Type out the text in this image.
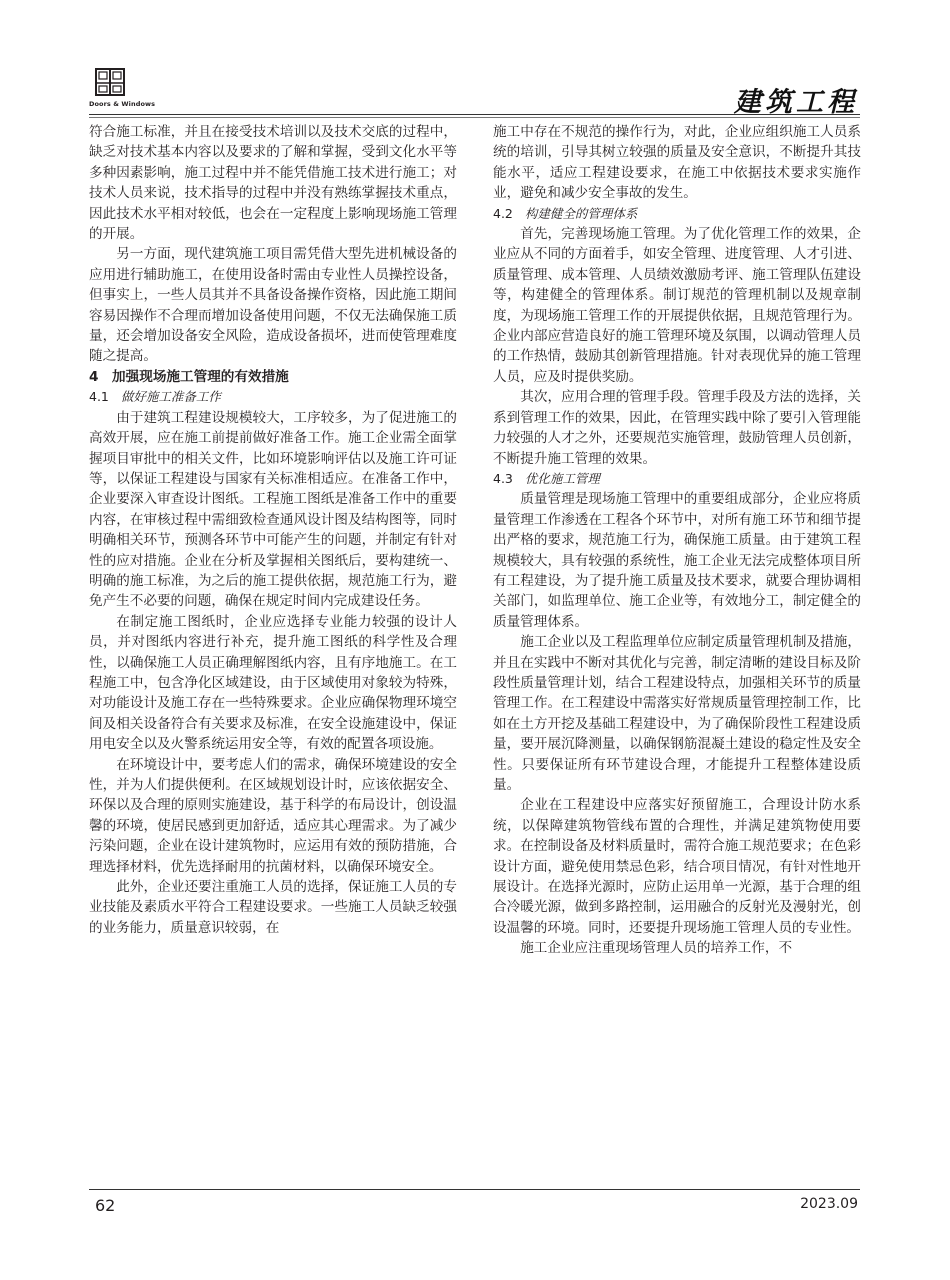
Doors & Windows	建筑工程

符合施工标准，并且在接受技术培训以及技术交底的过程中，缺乏对技术基本内容以及要求的了解和掌握，受到文化水平等多种因素影响，施工过程中并不能凭借施工技术进行施工；对技术人员来说，技术指导的过程中并没有熟练掌握技术重点，因此技术水平相对较低，也会在一定程度上影响现场施工管理的开展。

另一方面，现代建筑施工项目需凭借大型先进机械设备的应用进行辅助施工，在使用设备时需由专业性人员操控设备，但事实上，一些人员其并不具备设备操作资格，因此施工期间容易因操作不合理而增加设备使用问题，不仅无法确保施工质量，还会增加设备安全风险，造成设备损坏，进而使管理难度随之提高。

4　加强现场施工管理的有效措施
4.1 做好施工准备工作

由于建筑工程建设规模较大，工序较多，为了促进施工的高效开展，应在施工前提前做好准备工作。施工企业需全面掌握项目审批中的相关文件，比如环境影响评估以及施工许可证等，以保证工程建设与国家有关标准相适应。在准备工作中，企业要深入审查设计图纸。工程施工图纸是准备工作中的重要内容，在审核过程中需细致检查通风设计图及结构图等，同时明确相关环节，预测各环节中可能产生的问题，并制定有针对性的应对措施。企业在分析及掌握相关图纸后，要构建统一、明确的施工标准，为之后的施工提供依据，规范施工行为，避免产生不必要的问题，确保在规定时间内完成建设任务。

在制定施工图纸时，企业应选择专业能力较强的设计人员，并对图纸内容进行补充，提升施工图纸的科学性及合理性，以确保施工人员正确理解图纸内容，且有序地施工。在工程施工中，包含净化区域建设，由于区域使用对象较为特殊，对功能设计及施工存在一些特殊要求。企业应确保物理环境空间及相关设备符合有关要求及标准，在安全设施建设中，保证用电安全以及火警系统运用安全等，有效的配置各项设施。

在环境设计中，要考虑人们的需求，确保环境建设的安全性，并为人们提供便利。在区域规划设计时，应该依据安全、环保以及合理的原则实施建设，基于科学的布局设计，创设温馨的环境，使居民感到更加舒适，适应其心理需求。为了减少污染问题，企业在设计建筑物时，应运用有效的预防措施，合理选择材料，优先选择耐用的抗菌材料，以确保环境安全。

此外，企业还要注重施工人员的选择，保证施工人员的专业技能及素质水平符合工程建设要求。一些施工人员缺乏较强的业务能力，质量意识较弱，在

施工中存在不规范的操作行为，对此，企业应组织施工人员系统的培训，引导其树立较强的质量及安全意识，不断提升其技能水平，适应工程建设要求，在施工中依据技术要求实施作业，避免和减少安全事故的发生。

4.2 构建健全的管理体系

首先，完善现场施工管理。为了优化管理工作的效果，企业应从不同的方面着手，如安全管理、进度管理、人才引进、质量管理、成本管理、人员绩效激励考评、施工管理队伍建设等，构建健全的管理体系。制订规范的管理机制以及规章制度，为现场施工管理工作的开展提供依据，且规范管理行为。企业内部应营造良好的施工管理环境及氛围，以调动管理人员的工作热情，鼓励其创新管理措施。针对表现优异的施工管理人员，应及时提供奖励。

其次，应用合理的管理手段。管理手段及方法的选择，关系到管理工作的效果，因此，在管理实践中除了要引入管理能力较强的人才之外，还要规范实施管理，鼓励管理人员创新，不断提升施工管理的效果。

4.3 优化施工管理

质量管理是现场施工管理中的重要组成部分，企业应将质量管理工作渗透在工程各个环节中，对所有施工环节和细节提出严格的要求，规范施工行为，确保施工质量。由于建筑工程规模较大，具有较强的系统性，施工企业无法完成整体项目所有工程建设，为了提升施工质量及技术要求，就要合理协调相关部门，如监理单位、施工企业等，有效地分工，制定健全的质量管理体系。

施工企业以及工程监理单位应制定质量管理机制及措施，并且在实践中不断对其优化与完善，制定清晰的建设目标及阶段性质量管理计划，结合工程建设特点，加强相关环节的质量管理工作。在工程建设中需落实好常规质量管理控制工作，比如在土方开挖及基础工程建设中，为了确保阶段性工程建设质量，要开展沉降测量，以确保钢筋混凝土建设的稳定性及安全性。只要保证所有环节建设合理，才能提升工程整体建设质量。

企业在工程建设中应落实好预留施工，合理设计防水系统，以保障建筑物管线布置的合理性，并满足建筑物使用要求。在控制设备及材料质量时，需符合施工规范要求；在色彩设计方面，避免使用禁忌色彩，结合项目情况，有针对性地开展设计。在选择光源时，应防止运用单一光源，基于合理的组合冷暖光源，做到多路控制，运用融合的反射光及漫射光，创设温馨的环境。同时，还要提升现场施工管理人员的专业性。

施工企业应注重现场管理人员的培养工作，不

62	2023.09
